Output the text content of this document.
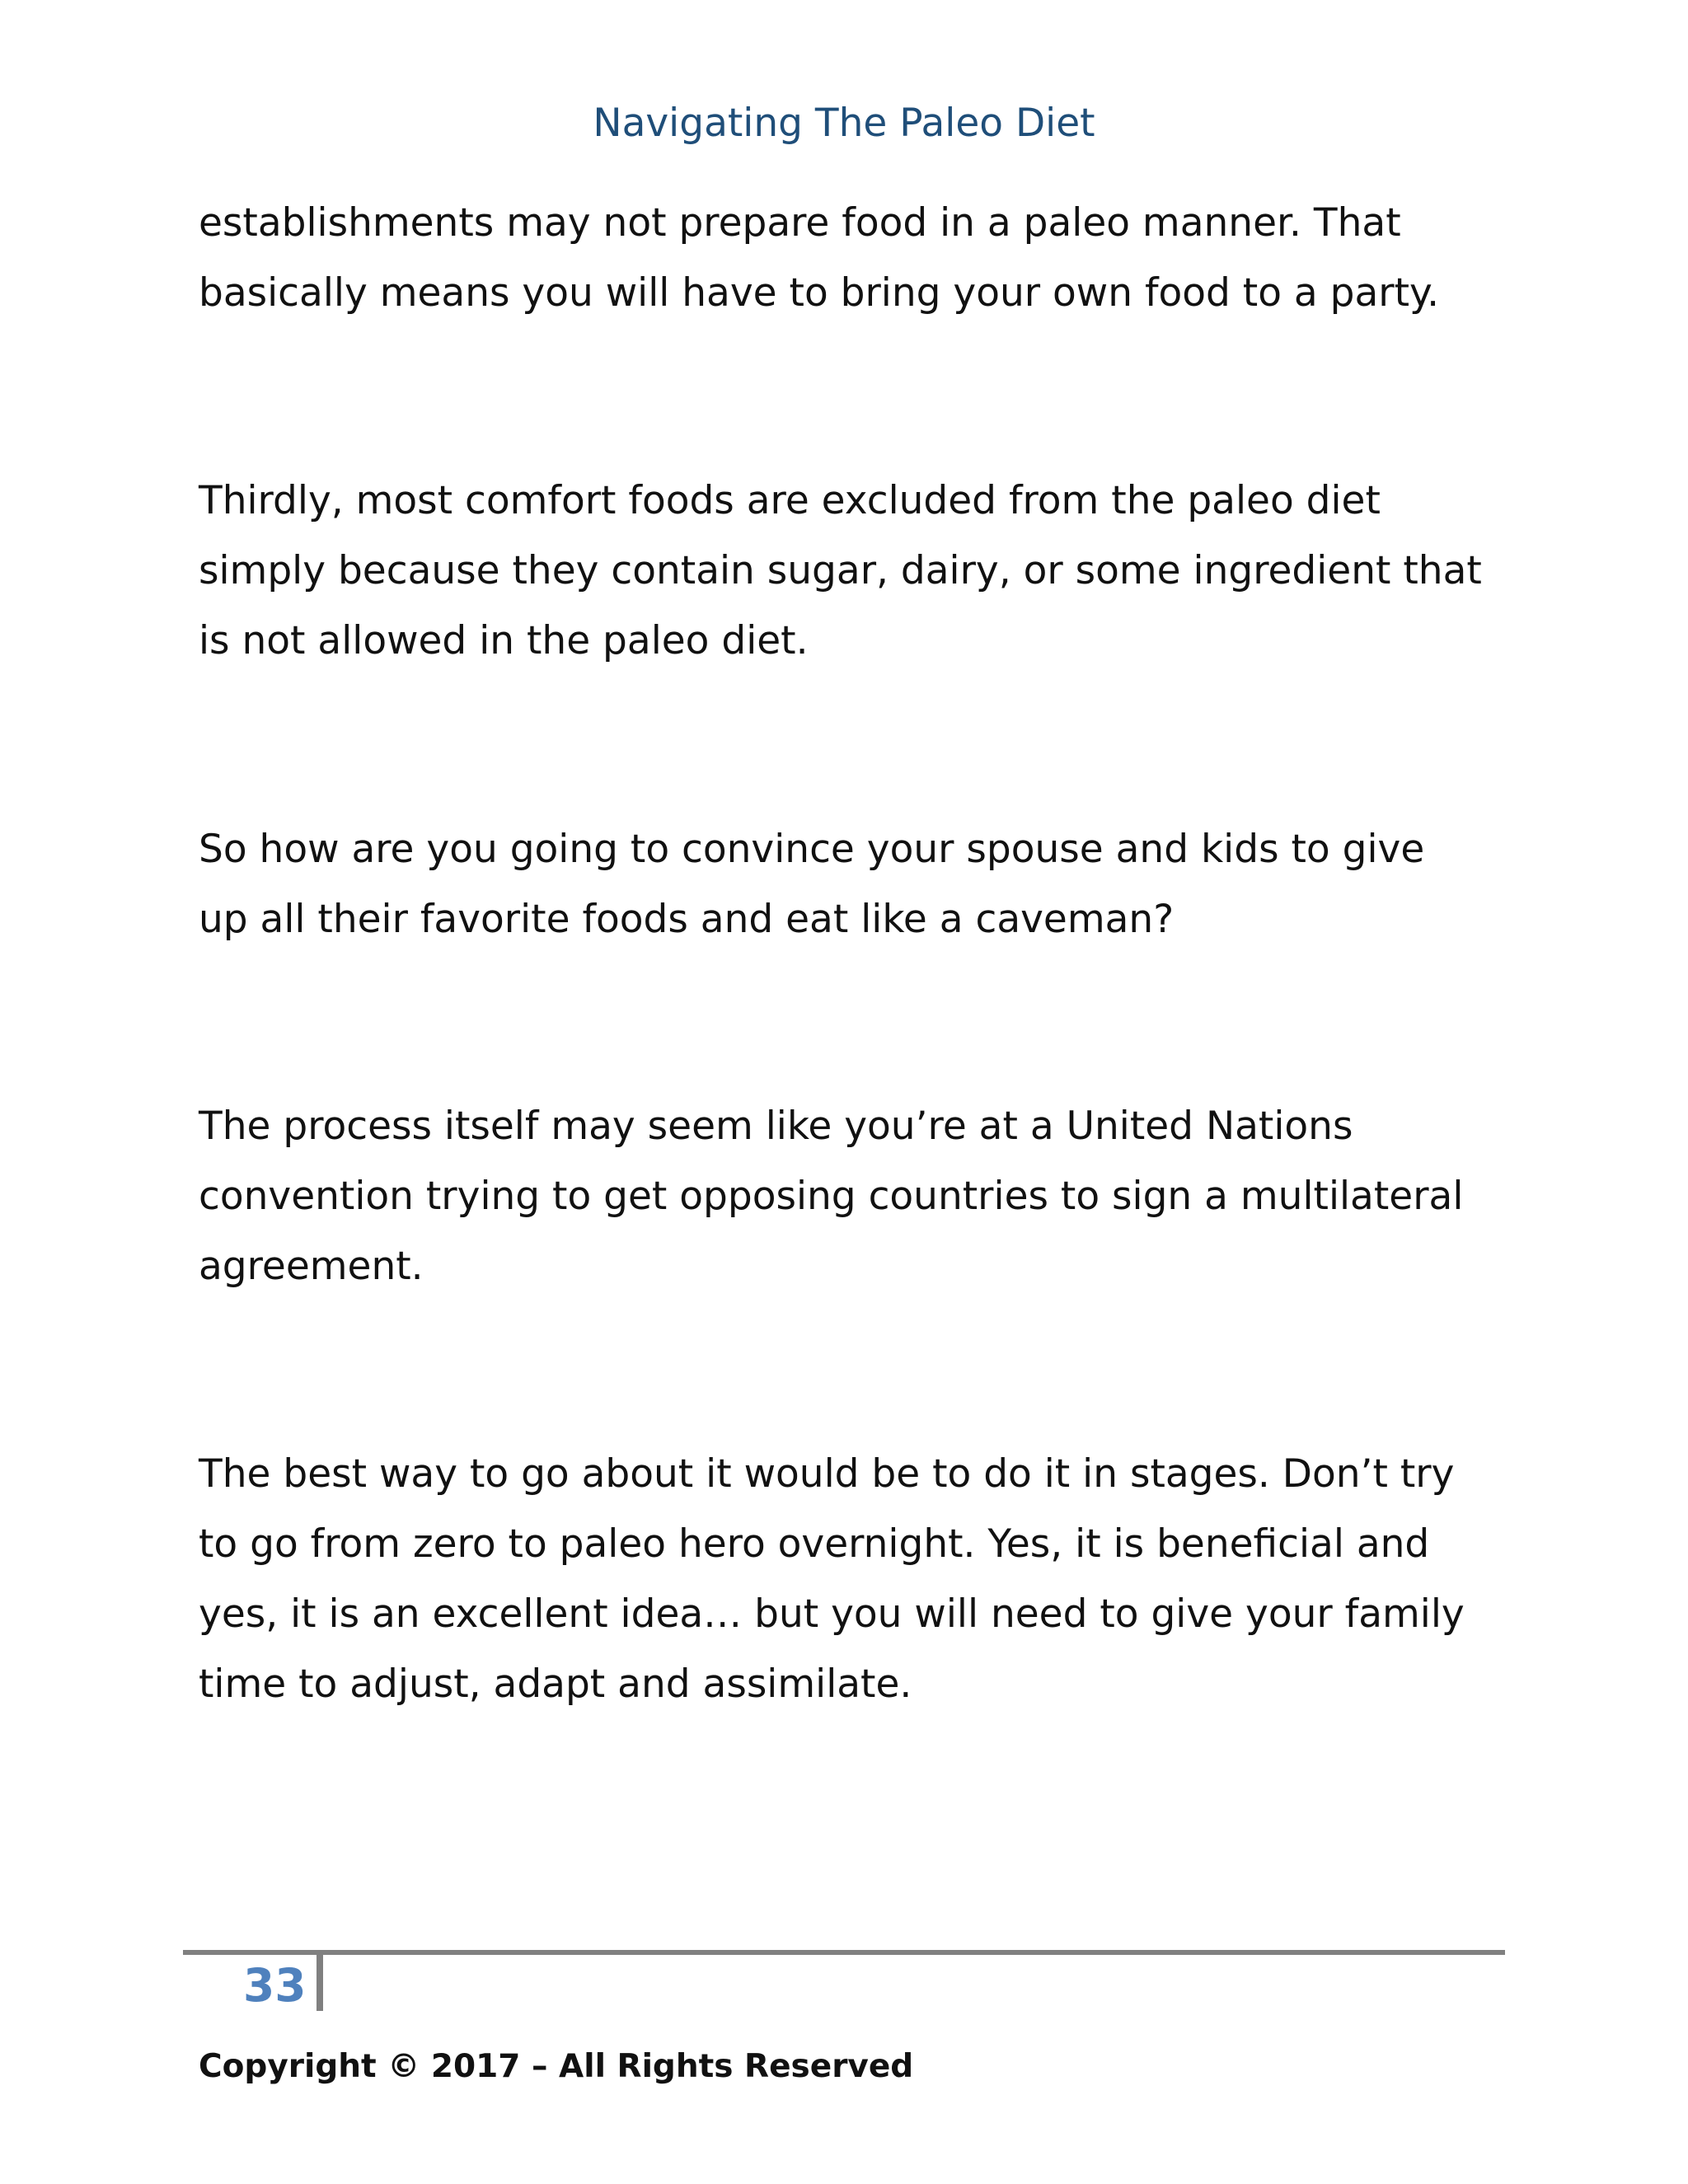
Navigating The Paleo Diet

establishments may not prepare food in a paleo manner. That
basically means you will have to bring your own food to a party.

Thirdly, most comfort foods are excluded from the paleo diet
simply because they contain sugar, dairy, or some ingredient that
is not allowed in the paleo diet.

So how are you going to convince your spouse and kids to give
up all their favorite foods and eat like a caveman?

The process itself may seem like you’re at a United Nations
convention trying to get opposing countries to sign a multilateral
agreement.

The best way to go about it would be to do it in stages. Don’t try
to go from zero to paleo hero overnight. Yes, it is beneficial and
yes, it is an excellent idea… but you will need to give your family
time to adjust, adapt and assimilate.

33
Copyright © 2017 – All Rights Reserved
